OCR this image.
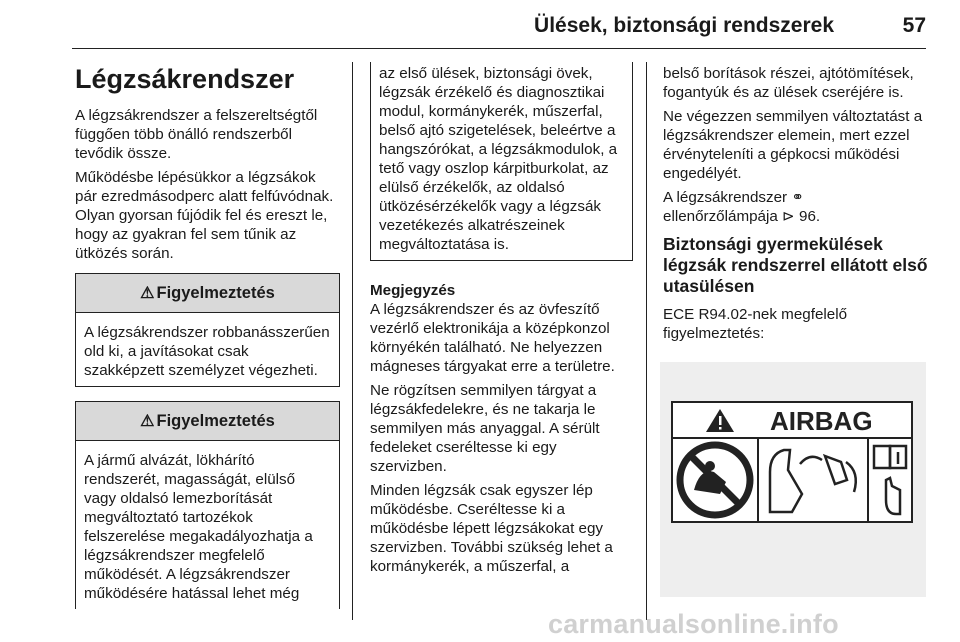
Ülések, biztonsági rendszerek	57
Légzsákrendszer

A légzsákrendszer a felszereltségtől függően több önálló rendszerből tevődik össze.

Működésbe lépésükkor a légzsákok pár ezredmásodperc alatt felfúvódnak. Olyan gyorsan fújódik fel és ereszt le, hogy az gyakran fel sem tűnik az ütközés során.

⚠ Figyelmeztetés
A légzsákrendszer robbanásszerűen old ki, a javításokat csak szakképzett személyzet végezheti.
⚠ Figyelmeztetés
A jármű alvázát, lökhárító rendszerét, magasságát, elülső vagy oldalsó lemezborítását megváltoztató tartozékok felszerelése megakadályozhatja a légzsákrendszer megfelelő működését. A légzsákrendszer működésére hatással lehet még
az első ülések, biztonsági övek, légzsák érzékelő és diagnosztikai modul, kormánykerék, műszerfal, belső ajtó szigetelések, beleértve a hangszórókat, a légzsákmodulok, a tető vagy oszlop kárpitburkolat, az elülső érzékelők, az oldalsó ütközésérzékelők vagy a légzsák vezetékezés alkatrészeinek megváltoztatása is.
Megjegyzés

A légzsákrendszer és az övfeszítő vezérlő elektronikája a középkonzol környékén található. Ne helyezzen mágneses tárgyakat erre a területre.

Ne rögzítsen semmilyen tárgyat a légzsákfedelekre, és ne takarja le semmilyen más anyaggal. A sérült fedeleket cseréltesse ki egy szervizben.

Minden légzsák csak egyszer lép működésbe. Cseréltesse ki a működésbe lépett légzsákokat egy szervizben. További szükség lehet a kormánykerék, a műszerfal, a

belső borítások részei, ajtótömítések, fogantyúk és az ülések cseréjére is.

Ne végezzen semmilyen változtatást a légzsákrendszer elemein, mert ezzel érvényteleníti a gépkocsi működési engedélyét.

A légzsákrendszer ⚭
ellenőrzőlámpája ⊳ 96.

Biztonsági gyermekülések légzsák rendszerrel ellátott első utasülésen

ECE R94.02-nek megfelelő figyelmeztetés:

AIRBAG
carmanualsonline.info
